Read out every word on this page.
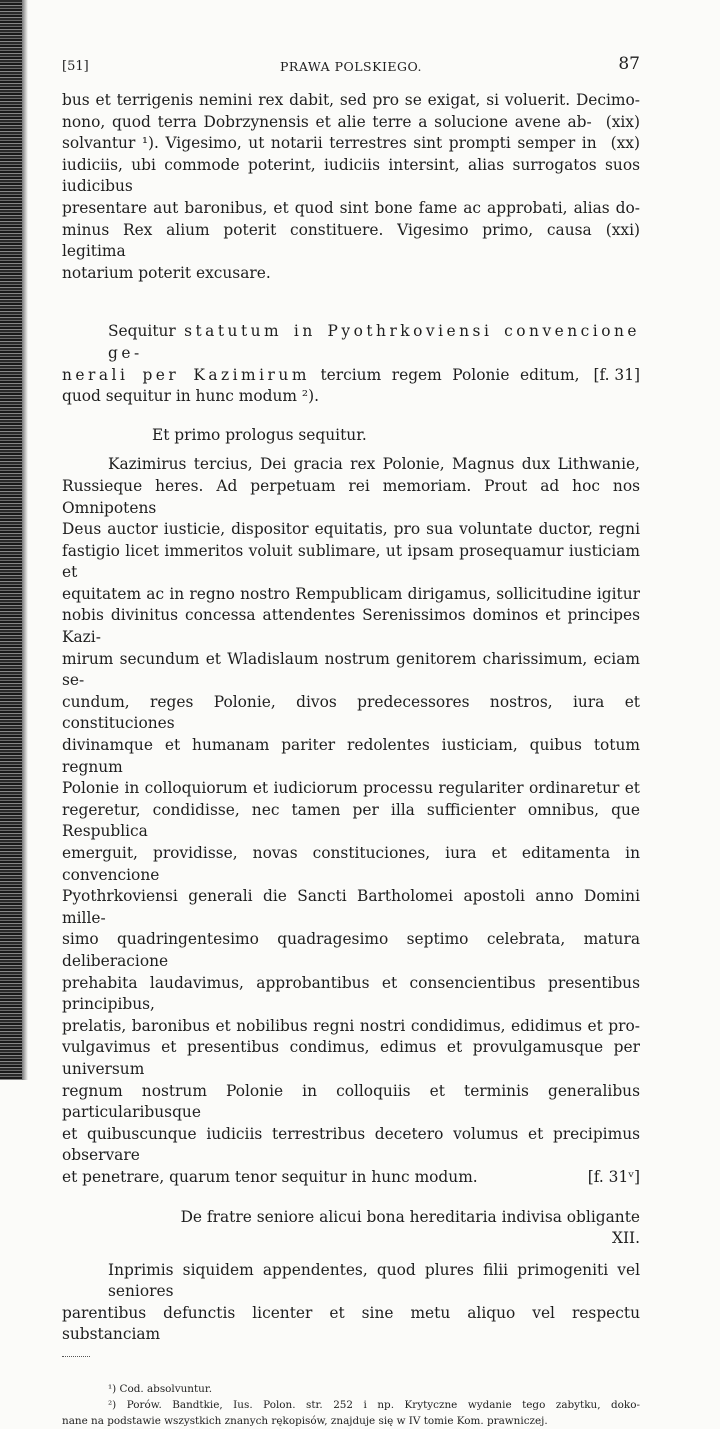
[51]	PRAWA POLSKIEGO.	87
bus et terrigenis nemini rex dabit, sed pro se exigat, si voluerit. Decimo-
nono, quod terra Dobrzynensis et alie terre a solucione avene ab- (xix)
solvantur ¹). Vigesimo, ut notarii terrestres sint prompti semper in (xx)
iudiciis, ubi commode poterint, iudiciis intersint, alias surrogatos suos iudicibus
presentare aut baronibus, et quod sint bone fame ac approbati, alias do-
minus Rex alium poterit constituere. Vigesimo primo, causa legitima
(xxi)
notarium poterit excusare.
Sequitur statutum in Pyothrkoviensi convencione ge-
nerali per Kazimirum tercium regem Polonie editum, [f. 31]
quod sequitur in hunc modum ²).
Et primo prologus sequitur.
Kazimirus tercius, Dei gracia rex Polonie, Magnus dux Lithwanie,
Russieque heres. Ad perpetuam rei memoriam. Prout ad hoc nos Omnipotens
Deus auctor iusticie, dispositor equitatis, pro sua voluntate ductor, regni
fastigio licet immeritos voluit sublimare, ut ipsam prosequamur iusticiam et
equitatem ac in regno nostro Rempublicam dirigamus, sollicitudine igitur
nobis divinitus concessa attendentes Serenissimos dominos et principes Kazi-
mirum secundum et Wladislaum nostrum genitorem charissimum, eciam se-
cundum, reges Polonie, divos predecessores nostros, iura et constituciones
divinamque et humanam pariter redolentes iusticiam, quibus totum regnum
Polonie in colloquiorum et iudiciorum processu regulariter ordinaretur et
regeretur, condidisse, nec tamen per illa sufficienter omnibus, que Respublica
emerguit, providisse, novas constituciones, iura et editamenta in convencione
Pyothrkoviensi generali die Sancti Bartholomei apostoli anno Domini mille-
simo quadringentesimo quadragesimo septimo celebrata, matura deliberacione
prehabita laudavimus, approbantibus et consencientibus presentibus principibus,
prelatis, baronibus et nobilibus regni nostri condidimus, edidimus et pro-
vulgavimus et presentibus condimus, edimus et provulgamusque per universum
regnum nostrum Polonie in colloquiis et terminis generalibus particularibusque
et quibuscunque iudiciis terrestribus decetero volumus et precipimus observare
et penetrare, quarum tenor sequitur in hunc modum.	[f. 31ᵛ]
De fratre seniore alicui bona hereditaria indivisa obligante XII.
Inprimis siquidem appendentes, quod plures filii primogeniti vel seniores
parentibus defunctis licenter et sine metu aliquo vel respectu substanciam
¹) Cod. absolvuntur.
²) Porów. Bandtkie, Ius. Polon. str. 252 i np. Krytyczne wydanie tego zabytku, doko-
nane na podstawie wszystkich znanych rękopisów, znajduje się w IV tomie Kom. prawniczej.
